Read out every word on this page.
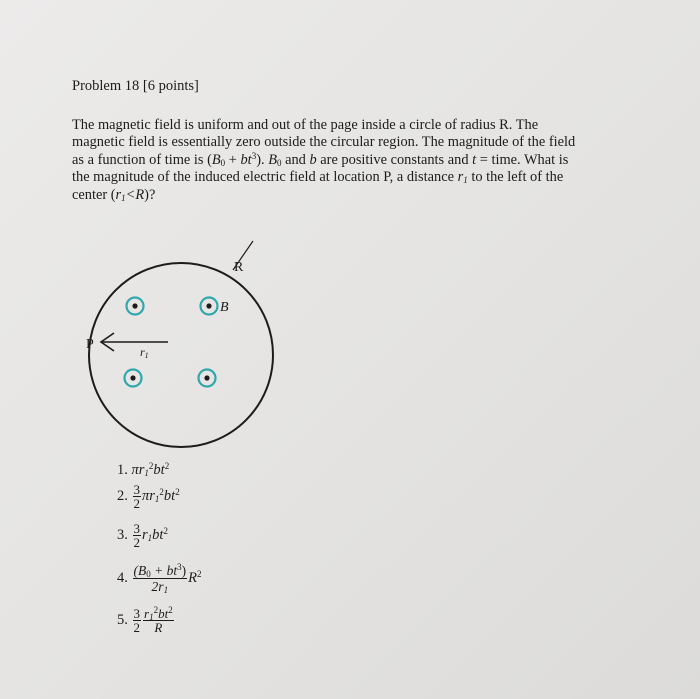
Problem 18 [6 points]
The magnetic field is uniform and out of the page inside a circle of radius R. The
magnetic field is essentially zero outside the circular region. The magnitude of the field
as a function of time is $(B_0 + bt^3)$. $B_0$ and b are positive constants and t = time. What is
the magnitude of the induced electric field at location P, a distance $r_1$ to the left of the
center $(r_1<R)$?
R
B
P	r1
1. $\pi r_1^2bt^2$
2. $\frac{3}{2} \pi r_1^2bt^2$
3. $\frac{3}{2} r_1bt^2$
4. $\frac{(B_0 + bt^3)}{2r_1} R^2$
5. $\frac{3}{2} \frac{r_1^2bt^2}{R}$
